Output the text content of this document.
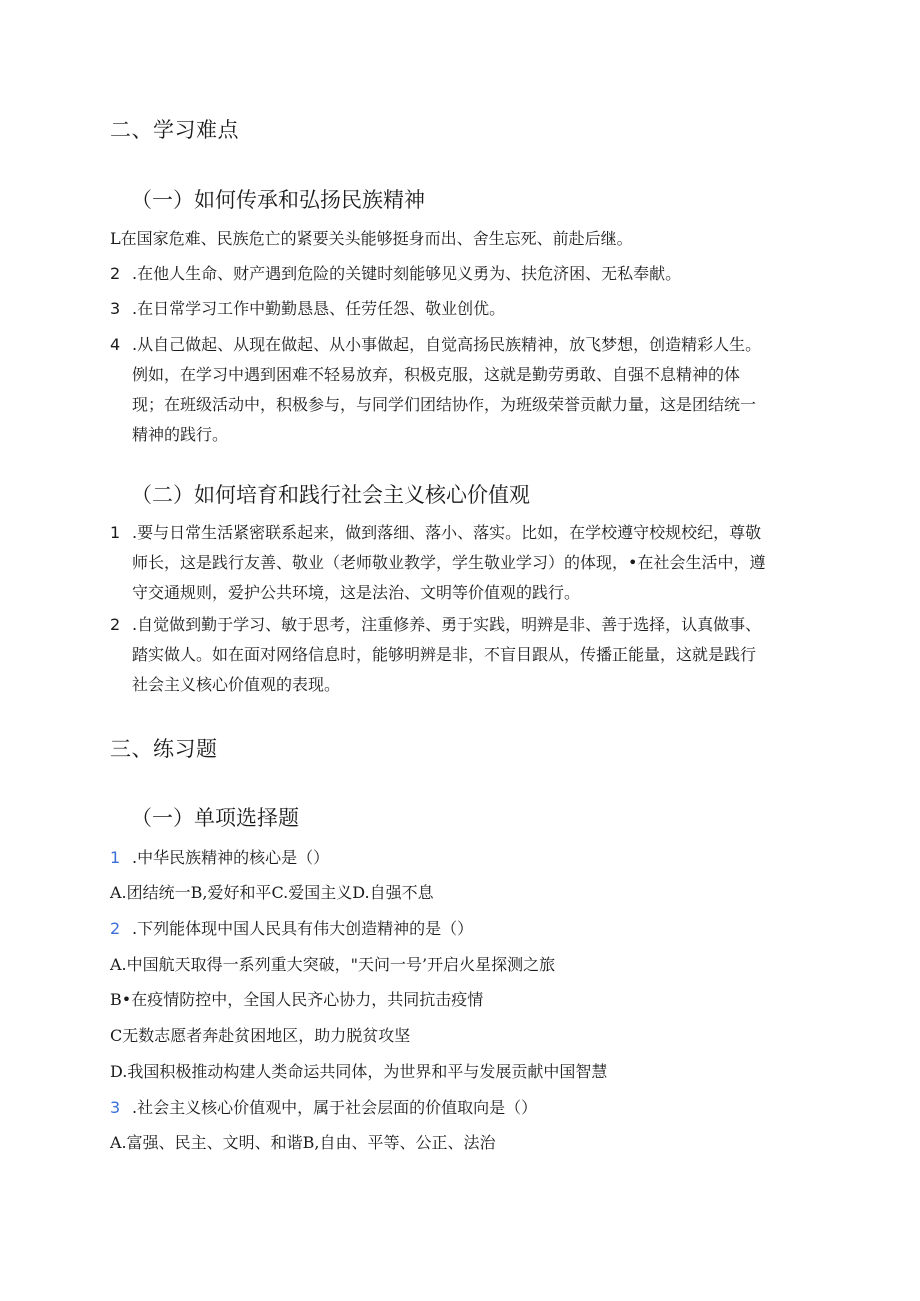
二、学习难点
（一）如何传承和弘扬民族精神
L在国家危难、民族危亡的紧要关头能够挺身而出、舍生忘死、前赴后继。
2 .在他人生命、财产遇到危险的关键时刻能够见义勇为、扶危济困、无私奉献。
3 .在日常学习工作中勤勤恳恳、任劳任怨、敬业创优。
4 .从自己做起、从现在做起、从小事做起，自觉高扬民族精神，放飞梦想，创造精彩人生。
例如，在学习中遇到困难不轻易放弃，积极克服，这就是勤劳勇敢、自强不息精神的体
现；在班级活动中，积极参与，与同学们团结协作，为班级荣誉贡献力量，这是团结统一
精神的践行。
（二）如何培育和践行社会主义核心价值观
1 .要与日常生活紧密联系起来，做到落细、落小、落实。比如，在学校遵守校规校纪，尊敬
师长，这是践行友善、敬业（老师敬业教学，学生敬业学习）的体现，•在社会生活中，遵
守交通规则，爱护公共环境，这是法治、文明等价值观的践行。
2 .自觉做到勤于学习、敏于思考，注重修养、勇于实践，明辨是非、善于选择，认真做事、
踏实做人。如在面对网络信息时，能够明辨是非，不盲目跟从，传播正能量，这就是践行
社会主义核心价值观的表现。
三、练习题
（一）单项选择题
1 .中华民族精神的核心是（）
A.团结统一B,爱好和平C.爱国主义D.自强不息
2 .下列能体现中国人民具有伟大创造精神的是（）
A.中国航天取得一系列重大突破，"天问一号’开启火星探测之旅
B•在疫情防控中，全国人民齐心协力，共同抗击疫情
C无数志愿者奔赴贫困地区，助力脱贫攻坚
D.我国积极推动构建人类命运共同体，为世界和平与发展贡献中国智慧
3 .社会主义核心价值观中，属于社会层面的价值取向是（）
A.富强、民主、文明、和谐B,自由、平等、公正、法治
